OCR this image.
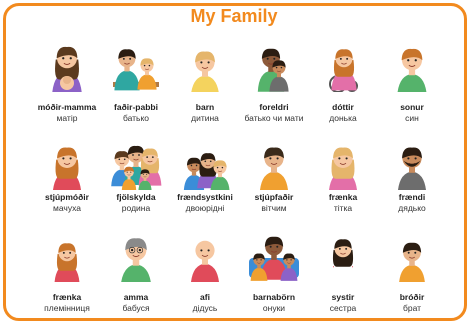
My Family
móðir-mamma
матір
faðir-pabbi
батько
barn
дитина
foreldri
батько чи мати
dóttir
донька
sonur
син
stjúpmóðir
мачуха
fjölskylda
родина
frændsystkini
двоюрідні
stjúpfaðir
вітчим
frænka
тітка
frændi
дядько
frænka
племінниця
amma
бабуся
afi
дідусь
barnabörn
онуки
systir
сестра
bróðir
брат
